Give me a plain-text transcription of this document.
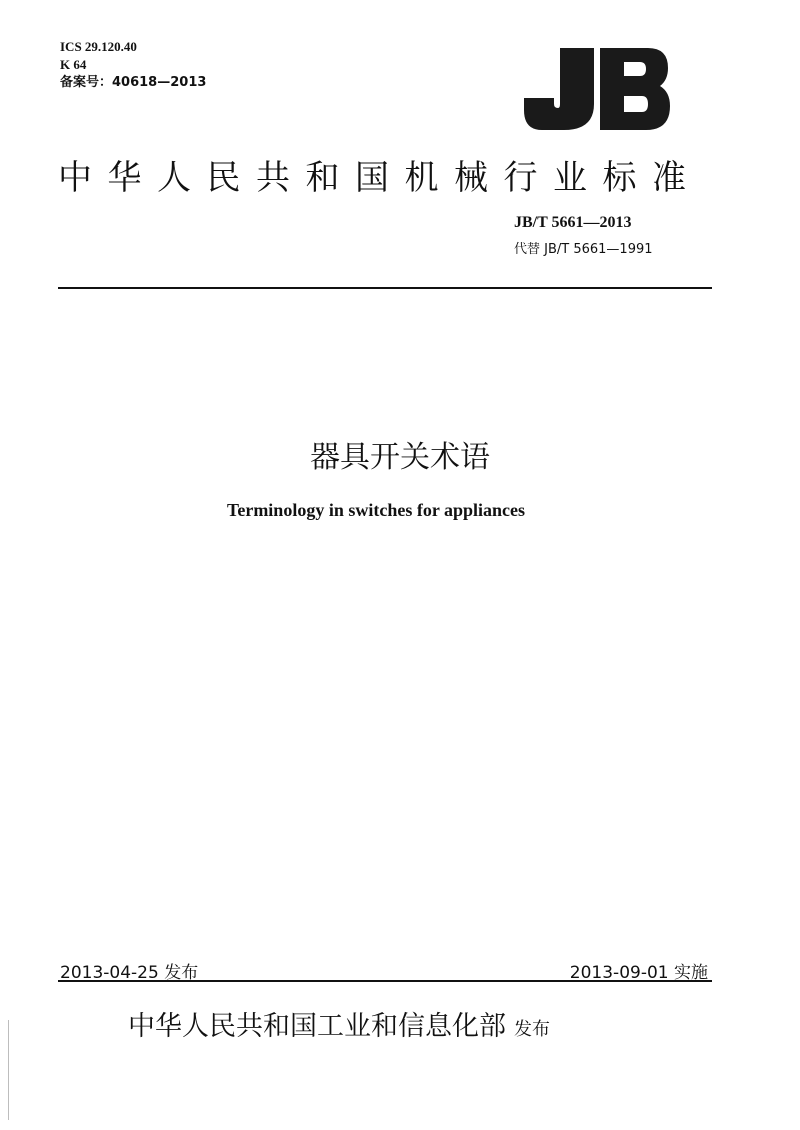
ICS 29.120.40
K 64
备案号：40618—2013
中华人民共和国机械行业标准
JB/T 5661—2013
代替 JB/T 5661—1991
器具开关术语
Terminology in switches for appliances
2013-04-25 发布	2013-09-01 实施
中华人民共和国工业和信息化部 发布
